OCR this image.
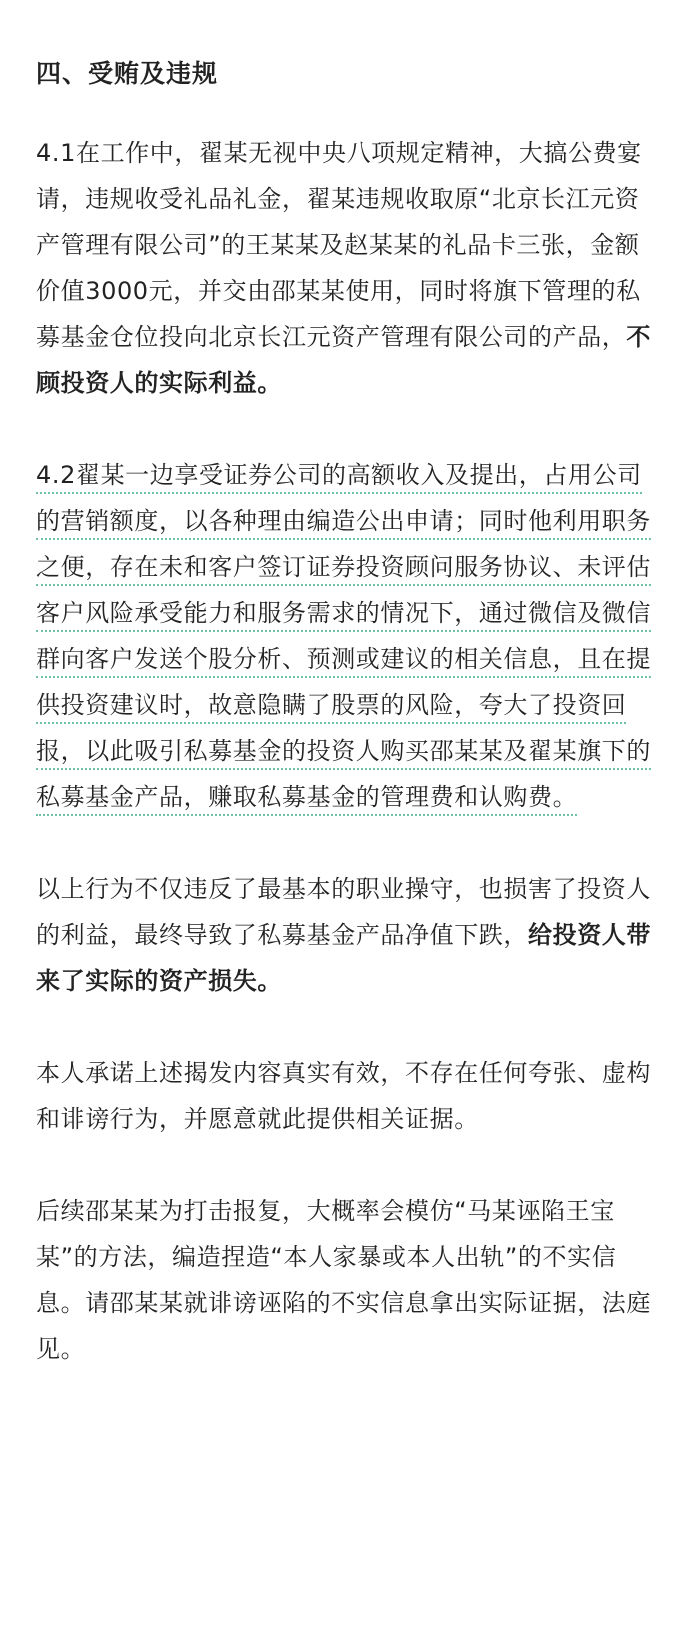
四、受贿及违规

4.1在工作中，翟某无视中央八项规定精神，大搞公费宴请，违规收受礼品礼金，翟某违规收取原“北京长江元资产管理有限公司”的王某某及赵某某的礼品卡三张，金额价值3000元，并交由邵某某使用，同时将旗下管理的私募基金仓位投向北京长江元资产管理有限公司的产品，不顾投资人的实际利益。

4.2翟某一边享受证券公司的高额收入及提出，占用公司的营销额度，以各种理由编造公出申请；同时他利用职务之便，存在未和客户签订证券投资顾问服务协议、未评估客户风险承受能力和服务需求的情况下，通过微信及微信群向客户发送个股分析、预测或建议的相关信息，且在提供投资建议时，故意隐瞒了股票的风险，夸大了投资回报，以此吸引私募基金的投资人购买邵某某及翟某旗下的私募基金产品，赚取私募基金的管理费和认购费。

以上行为不仅违反了最基本的职业操守，也损害了投资人的利益，最终导致了私募基金产品净值下跌，给投资人带来了实际的资产损失。

本人承诺上述揭发内容真实有效，不存在任何夸张、虚构和诽谤行为，并愿意就此提供相关证据。

后续邵某某为打击报复，大概率会模仿“马某诬陷王宝某”的方法，编造捏造“本人家暴或本人出轨”的不实信息。请邵某某就诽谤诬陷的不实信息拿出实际证据，法庭见。
